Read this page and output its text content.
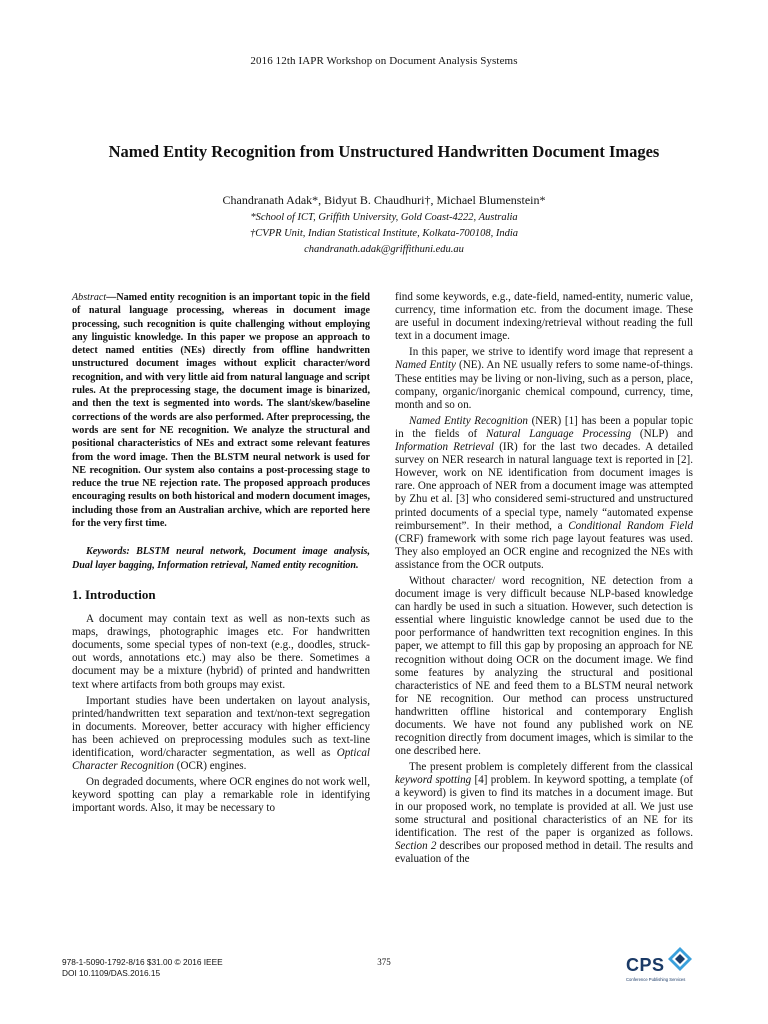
2016 12th IAPR Workshop on Document Analysis Systems
Named Entity Recognition from Unstructured Handwritten Document Images
Chandranath Adak*, Bidyut B. Chaudhuri†, Michael Blumenstein*
*School of ICT, Griffith University, Gold Coast-4222, Australia
†CVPR Unit, Indian Statistical Institute, Kolkata-700108, India
chandranath.adak@griffithuni.edu.au

Abstract—Named entity recognition is an important topic in the field of natural language processing, whereas in document image processing, such recognition is quite challenging without employing any linguistic knowledge. In this paper we propose an approach to detect named entities (NEs) directly from offline handwritten unstructured document images without explicit character/word recognition, and with very little aid from natural language and script rules. At the preprocessing stage, the document image is binarized, and then the text is segmented into words. The slant/skew/baseline corrections of the words are also performed. After preprocessing, the words are sent for NE recognition. We analyze the structural and positional characteristics of NEs and extract some relevant features from the word image. Then the BLSTM neural network is used for NE recognition. Our system also contains a post-processing stage to reduce the true NE rejection rate. The proposed approach produces encouraging results on both historical and modern document images, including those from an Australian archive, which are reported here for the very first time.

Keywords: BLSTM neural network, Document image analysis, Dual layer bagging, Information retrieval, Named entity recognition.

1. Introduction

A document may contain text as well as non-texts such as maps, drawings, photographic images etc. For handwritten documents, some special types of non-text (e.g., doodles, struck-out words, annotations etc.) may also be there. Sometimes a document may be a mixture (hybrid) of printed and handwritten text where artifacts from both groups may exist.

Important studies have been undertaken on layout analysis, printed/handwritten text separation and text/non-text segregation in documents. Moreover, better accuracy with higher efficiency has been achieved on preprocessing modules such as text-line identification, word/character segmentation, as well as Optical Character Recognition (OCR) engines.

On degraded documents, where OCR engines do not work well, keyword spotting can play a remarkable role in identifying important words. Also, it may be necessary to

find some keywords, e.g., date-field, named-entity, numeric value, currency, time information etc. from the document image. These are useful in document indexing/retrieval without reading the full text in a document image.

In this paper, we strive to identify word image that represent a Named Entity (NE). An NE usually refers to some name-of-things. These entities may be living or non-living, such as a person, place, company, organic/inorganic chemical compound, currency, time, month and so on.

Named Entity Recognition (NER) [1] has been a popular topic in the fields of Natural Language Processing (NLP) and Information Retrieval (IR) for the last two decades. A detailed survey on NER research in natural language text is reported in [2]. However, work on NE identification from document images is rare. One approach of NER from a document image was attempted by Zhu et al. [3] who considered semi-structured and unstructured printed documents of a special type, namely “automated expense reimbursement”. In their method, a Conditional Random Field (CRF) framework with some rich page layout features was used. They also employed an OCR engine and recognized the NEs with assistance from the OCR outputs.

Without character/ word recognition, NE detection from a document image is very difficult because NLP-based knowledge can hardly be used in such a situation. However, such detection is essential where linguistic knowledge cannot be used due to the poor performance of handwritten text recognition engines. In this paper, we attempt to fill this gap by proposing an approach for NE recognition without doing OCR on the document image. We find some features by analyzing the structural and positional characteristics of NE and feed them to a BLSTM neural network for NE recognition. Our method can process unstructured handwritten offline historical and contemporary English documents. We have not found any published work on NE recognition directly from document images, which is similar to the one described here.

The present problem is completely different from the classical keyword spotting [4] problem. In keyword spotting, a template (of a keyword) is given to find its matches in a document image. But in our proposed work, no template is provided at all. We just use some structural and positional characteristics of an NE for its identification. The rest of the paper is organized as follows. Section 2 describes our proposed method in detail. The results and evaluation of the

978-1-5090-1792-8/16 $31.00 © 2016 IEEE
DOI 10.1109/DAS.2016.15
375	CPS
Conference Publishing Services
